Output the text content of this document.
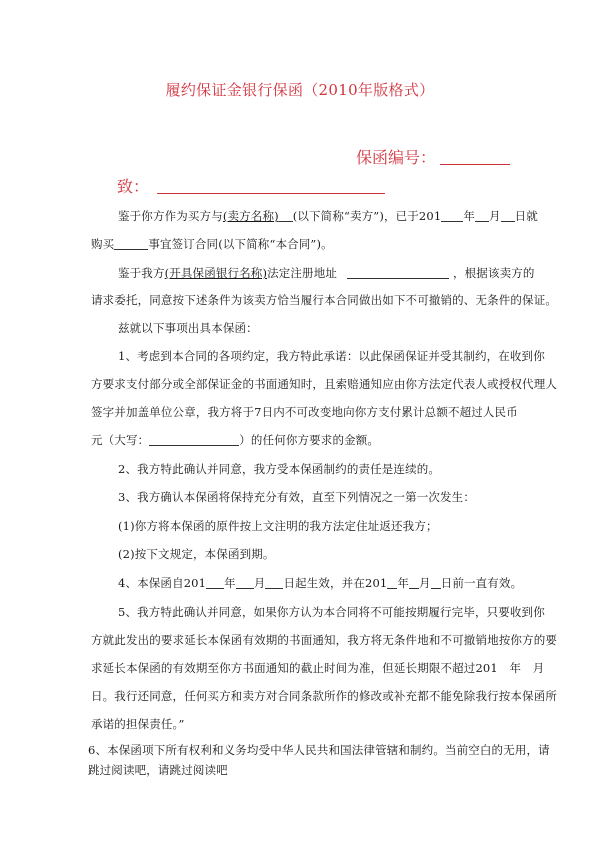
履约保证金银行保函（2010年版格式）
保函编号：
致：
鉴于你方作为买方与(卖方名称) (以下简称“卖方”)，已于201 年 月 日就
购买	事宜签订合同(以下简称“本合同”)。
鉴于我方(开具保函银行名称)法定注册地址	，根据该卖方的
请求委托，同意按下述条件为该卖方恰当履行本合同做出如下不可撤销的、无条件的保证。
兹就以下事项出具本保函：
1、考虑到本合同的各项约定，我方特此承诺：以此保函保证并受其制约，在收到你
方要求支付部分或全部保证金的书面通知时，且索赔通知应由你方法定代表人或授权代理人
签字并加盖单位公章，我方将于7日内不可改变地向你方支付累计总额不超过人民币
元（大写：	）的任何你方要求的金额。
2、我方特此确认并同意，我方受本保函制约的责任是连续的。
3、我方确认本保函将保持充分有效，直至下列情况之一第一次发生：
(1)你方将本保函的原件按上文注明的我方法定住址返还我方；
(2)按下文规定，本保函到期。
4、本保函自201 年 月 日起生效，并在201 年 月 日前一直有效。
5、我方特此确认并同意，如果你方认为本合同将不可能按期履行完毕，只要收到你
方就此发出的要求延长本保函有效期的书面通知，我方将无条件地和不可撤销地按你方的要
求延长本保函的有效期至你方书面通知的截止时间为准，但延长期限不超过201　年　月
日。我行还同意，任何买方和卖方对合同条款所作的修改或补充都不能免除我行按本保函所
承诺的担保责任。”
6、本保函项下所有权利和义务均受中华人民共和国法律管辖和制约。当前空白的无用，请
跳过阅读吧，请跳过阅读吧
